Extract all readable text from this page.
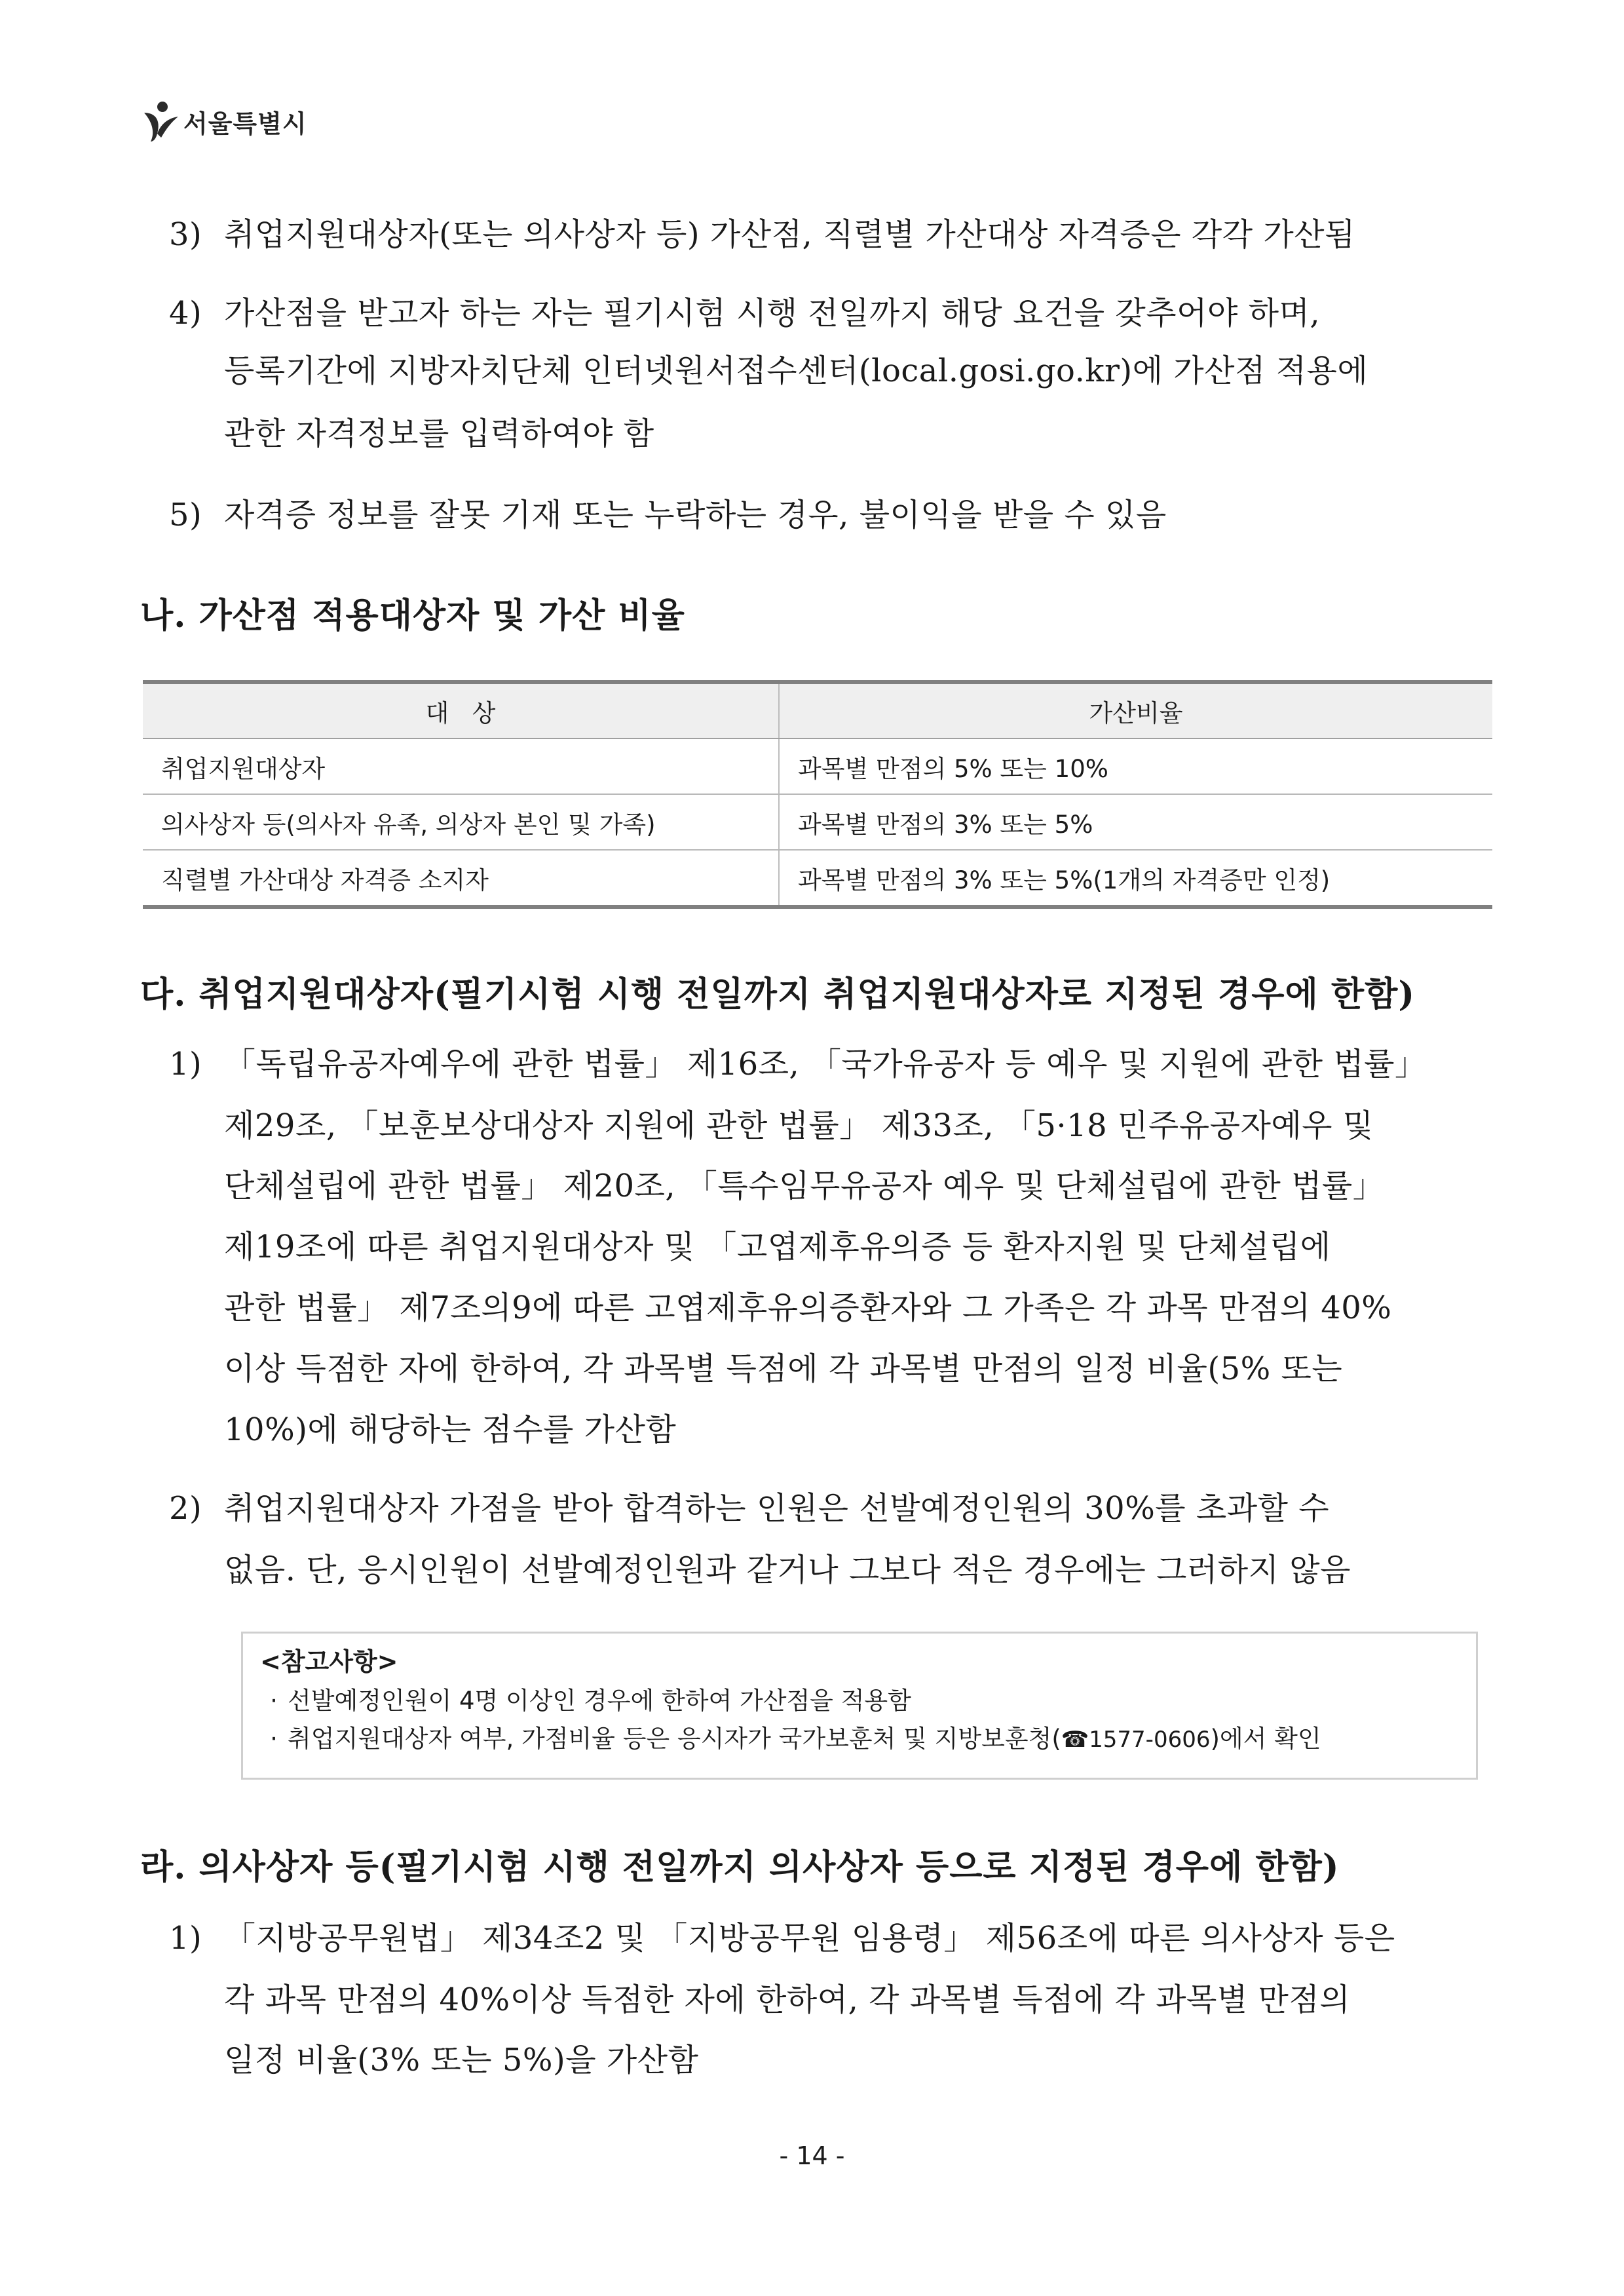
서울특별시
3) 취업지원대상자(또는 의사상자 등) 가산점, 직렬별 가산대상 자격증은 각각 가산됨
4) 가산점을 받고자 하는 자는 필기시험 시행 전일까지 해당 요건을 갖추어야 하며,
등록기간에 지방자치단체 인터넷원서접수센터(local.gosi.go.kr)에 가산점 적용에
관한 자격정보를 입력하여야 함
5) 자격증 정보를 잘못 기재 또는 누락하는 경우, 불이익을 받을 수 있음
나. 가산점 적용대상자 및 가산 비율
대   상	가산비율
취업지원대상자	과목별 만점의 5% 또는 10%
의사상자 등(의사자 유족, 의상자 본인 및 가족)	과목별 만점의 3% 또는 5%
직렬별 가산대상 자격증 소지자	과목별 만점의 3% 또는 5%(1개의 자격증만 인정)
다. 취업지원대상자(필기시험 시행 전일까지 취업지원대상자로 지정된 경우에 한함)
1) 「독립유공자예우에 관한 법률」 제16조, 「국가유공자 등 예우 및 지원에 관한 법률」
제29조, 「보훈보상대상자 지원에 관한 법률」 제33조, 「5·18 민주유공자예우 및
단체설립에 관한 법률」 제20조, 「특수임무유공자 예우 및 단체설립에 관한 법률」
제19조에 따른 취업지원대상자 및 「고엽제후유의증 등 환자지원 및 단체설립에
관한 법률」 제7조의9에 따른 고엽제후유의증환자와 그 가족은 각 과목 만점의 40%
이상 득점한 자에 한하여, 각 과목별 득점에 각 과목별 만점의 일정 비율(5% 또는
10%)에 해당하는 점수를 가산함
2) 취업지원대상자 가점을 받아 합격하는 인원은 선발예정인원의 30%를 초과할 수
없음. 단, 응시인원이 선발예정인원과 같거나 그보다 적은 경우에는 그러하지 않음
<참고사항>
· 선발예정인원이 4명 이상인 경우에 한하여 가산점을 적용함
· 취업지원대상자 여부, 가점비율 등은 응시자가 국가보훈처 및 지방보훈청(☎1577-0606)에서 확인
라. 의사상자 등(필기시험 시행 전일까지 의사상자 등으로 지정된 경우에 한함)
1) 「지방공무원법」 제34조2 및 「지방공무원 임용령」 제56조에 따른 의사상자 등은
각 과목 만점의 40%이상 득점한 자에 한하여, 각 과목별 득점에 각 과목별 만점의
일정 비율(3% 또는 5%)을 가산함
- 14 -
